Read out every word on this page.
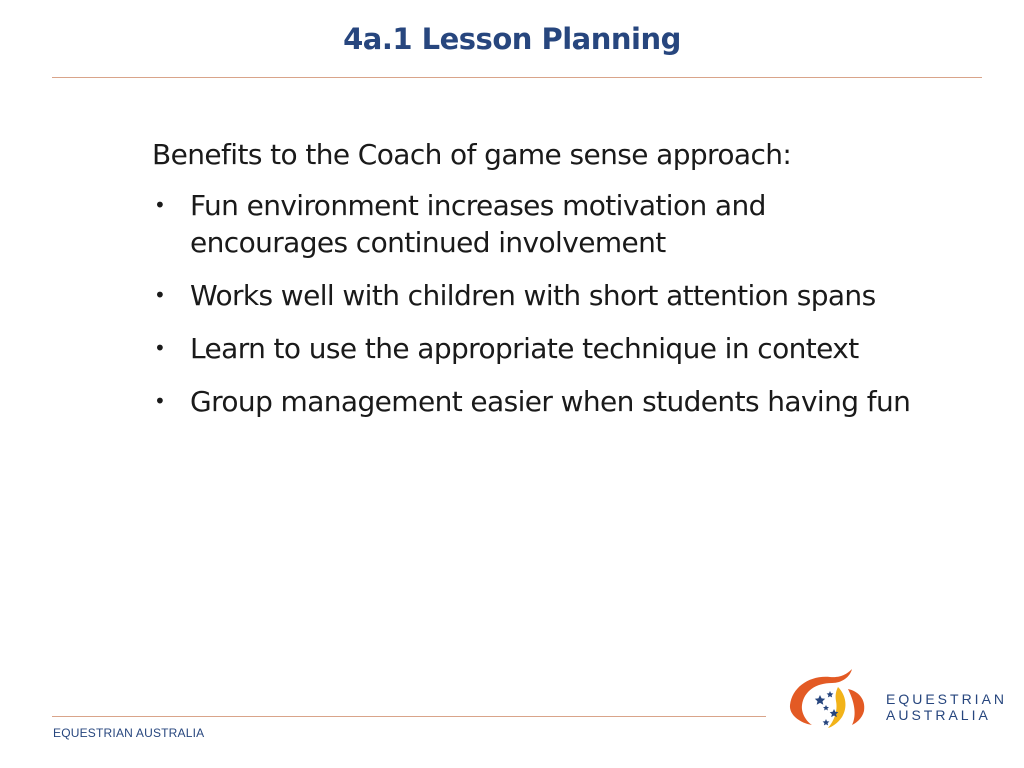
4a.1 Lesson Planning

Benefits to the Coach of game sense approach:

• Fun environment increases motivation and encourages continued involvement
• Works well with children with short attention spans
• Learn to use the appropriate technique in context
• Group management easier when students having fun
EQUESTRIAN AUSTRALIA
EQUESTRIAN
AUSTRALIA
